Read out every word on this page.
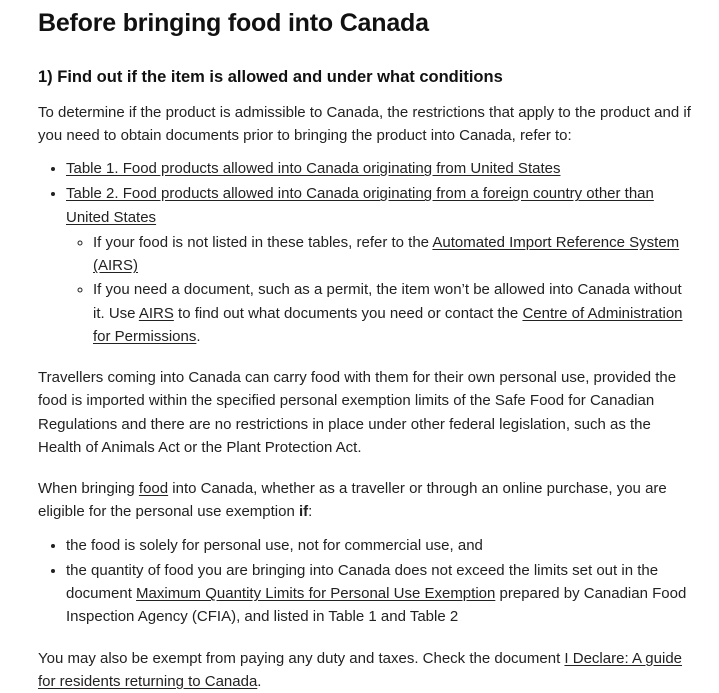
Before bringing food into Canada
1) Find out if the item is allowed and under what conditions

To determine if the product is admissible to Canada, the restrictions that apply to the product and if you need to obtain documents prior to bringing the product into Canada, refer to:

• Table 1. Food products allowed into Canada originating from United States
• Table 2. Food products allowed into Canada originating from a foreign country other than United States
◦ If your food is not listed in these tables, refer to the Automated Import Reference System (AIRS)
◦ If you need a document, such as a permit, the item won’t be allowed into Canada without it. Use AIRS to find out what documents you need or contact the Centre of Administration for Permissions.

Travellers coming into Canada can carry food with them for their own personal use, provided the food is imported within the specified personal exemption limits of the Safe Food for Canadian Regulations and there are no restrictions in place under other federal legislation, such as the Health of Animals Act or the Plant Protection Act.

When bringing food into Canada, whether as a traveller or through an online purchase, you are eligible for the personal use exemption if:

• the food is solely for personal use, not for commercial use, and
• the quantity of food you are bringing into Canada does not exceed the limits set out in the document Maximum Quantity Limits for Personal Use Exemption prepared by Canadian Food Inspection Agency (CFIA), and listed in Table 1 and Table 2

You may also be exempt from paying any duty and taxes. Check the document I Declare: A guide for residents returning to Canada.
